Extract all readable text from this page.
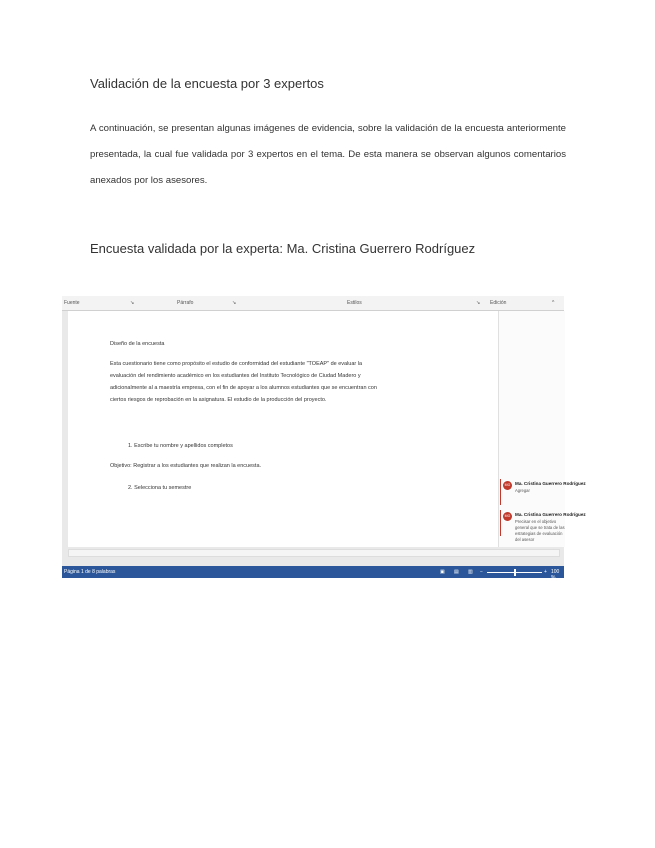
Validación de la encuesta por 3 expertos
A continuación, se presentan algunas imágenes de evidencia, sobre la validación de la encuesta anteriormente presentada, la cual fue validada por 3 expertos en el tema. De esta manera se observan algunos comentarios anexados por los asesores.
Encuesta validada por la experta: Ma. Cristina Guerrero Rodríguez
Fuente	↘	Párrafo	↘	Estilos	↘ Edición	^
Diseño de la encuesta
Esta cuestionario tiene como propósito el estudio de conformidad del estudiante "TOEAP" de evaluar la
evaluación del rendimiento académico en los estudiantes del Instituto Tecnológico de Ciudad Madero y
adicionalmente al a maestría empresa, con el fin de apoyar a los alumnos estudiantes que se encuentran con
ciertos riesgos de reprobación en la asignatura. El estudio de la producción del proyecto.
1. Escribe tu nombre y apellidos completos
Objetivo: Registrar a los estudiantes que realizan la encuesta.
2. Selecciona tu semestre	MG	Ma. Cristina Guerrero Rodríguez
Agregar
MG	Ma. Cristina Guerrero Rodríguez
Precisar en el objetivo general que se trata de las estrategias de evaluación del asesor
Página 1 de 8 palabras	▣ ▤ ▥ −	+ 100 %
